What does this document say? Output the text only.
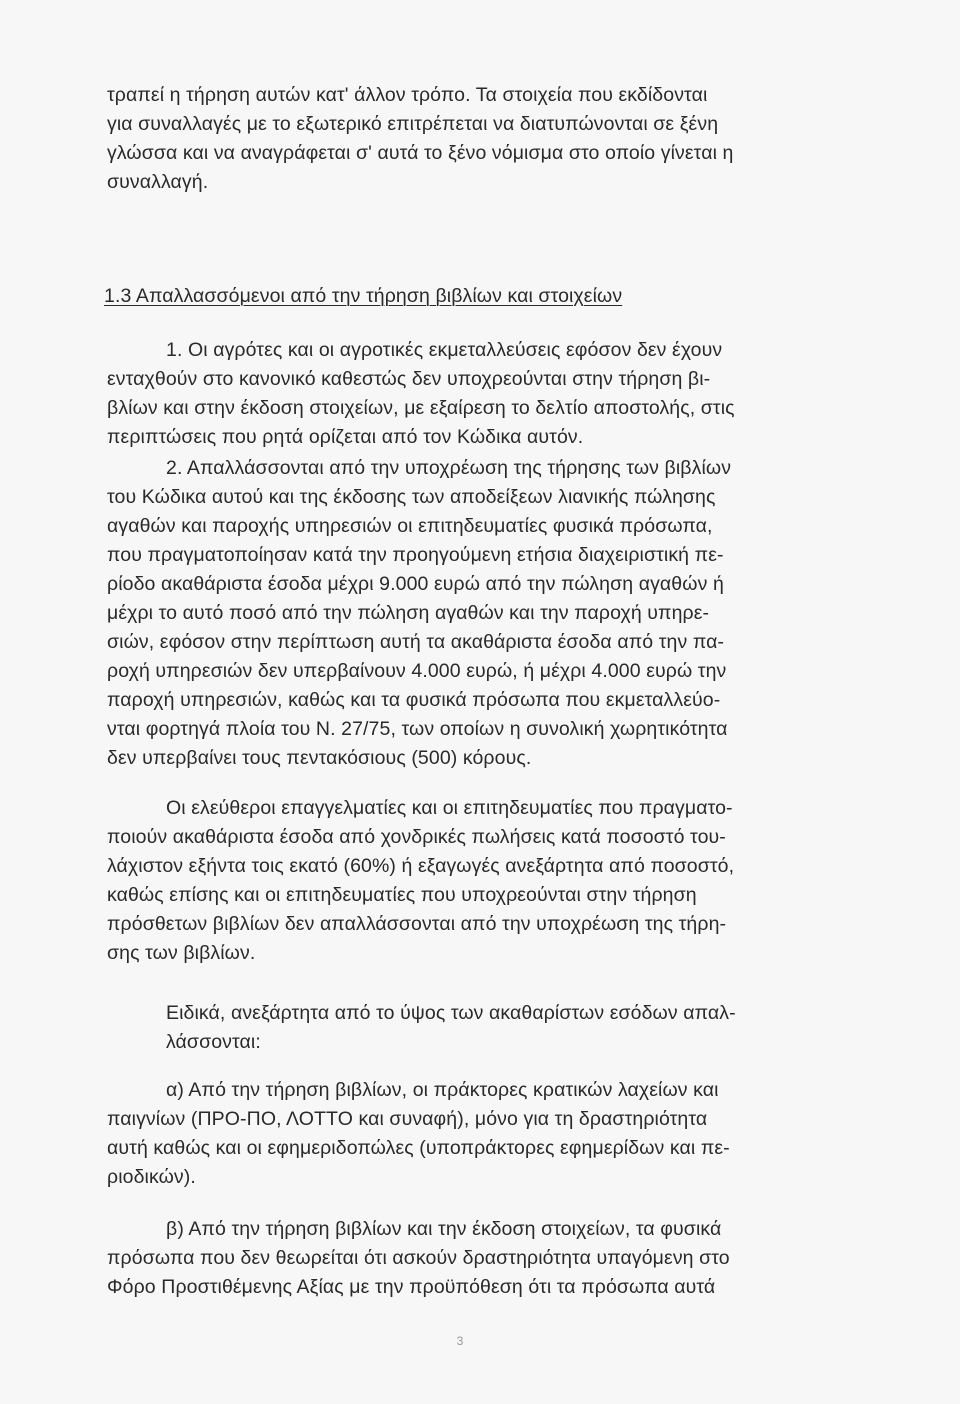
τραπεί η τήρηση αυτών κατ' άλλον τρόπο. Τα στοιχεία που εκδίδονται
για συναλλαγές με το εξωτερικό επιτρέπεται να διατυπώνονται σε ξένη
γλώσσα και να αναγράφεται σ' αυτά το ξένο νόμισμα στο οποίο γίνεται η
συναλλαγή.
1.3 Απαλλασσόμενοι από την τήρηση βιβλίων και στοιχείων
1. Οι αγρότες και οι αγροτικές εκμεταλλεύσεις εφόσον δεν έχουν
ενταχθούν στο κανονικό καθεστώς δεν υποχρεούνται στην τήρηση βι-
βλίων και στην έκδοση στοιχείων, με εξαίρεση το δελτίο αποστολής, στις
περιπτώσεις που ρητά ορίζεται από τον Κώδικα αυτόν.
2. Απαλλάσσονται από την υποχρέωση της τήρησης των βιβλίων
του Κώδικα αυτού και της έκδοσης των αποδείξεων λιανικής πώλησης
αγαθών και παροχής υπηρεσιών οι επιτηδευματίες φυσικά πρόσωπα,
που πραγματοποίησαν κατά την προηγούμενη ετήσια διαχειριστική πε-
ρίοδο ακαθάριστα έσοδα μέχρι 9.000 ευρώ από την πώληση αγαθών ή
μέχρι το αυτό ποσό από την πώληση αγαθών και την παροχή υπηρε-
σιών, εφόσον στην περίπτωση αυτή τα ακαθάριστα έσοδα από την πα-
ροχή υπηρεσιών δεν υπερβαίνουν 4.000 ευρώ, ή μέχρι 4.000 ευρώ την
παροχή υπηρεσιών, καθώς και τα φυσικά πρόσωπα που εκμεταλλεύο-
νται φορτηγά πλοία του Ν. 27/75, των οποίων η συνολική χωρητικότητα
δεν υπερβαίνει τους πεντακόσιους (500) κόρους.
Οι ελεύθεροι επαγγελματίες και οι επιτηδευματίες που πραγματο-
ποιούν ακαθάριστα έσοδα από χονδρικές πωλήσεις κατά ποσοστό του-
λάχιστον εξήντα τοις εκατό (60%) ή εξαγωγές ανεξάρτητα από ποσοστό,
καθώς επίσης και οι επιτηδευματίες που υποχρεούνται στην τήρηση
πρόσθετων βιβλίων δεν απαλλάσσονται από την υποχρέωση της τήρη-
σης των βιβλίων.
Ειδικά, ανεξάρτητα από το ύψος των ακαθαρίστων εσόδων απαλ-
λάσσονται:
α) Από την τήρηση βιβλίων, οι πράκτορες κρατικών λαχείων και
παιγνίων (ΠΡΟ-ΠΟ, ΛΟΤΤΟ και συναφή), μόνο για τη δραστηριότητα
αυτή καθώς και οι εφημεριδοπώλες (υποπράκτορες εφημερίδων και πε-
ριοδικών).
β) Από την τήρηση βιβλίων και την έκδοση στοιχείων, τα φυσικά
πρόσωπα που δεν θεωρείται ότι ασκούν δραστηριότητα υπαγόμενη στο
Φόρο Προστιθέμενης Αξίας με την προϋπόθεση ότι τα πρόσωπα αυτά
3
